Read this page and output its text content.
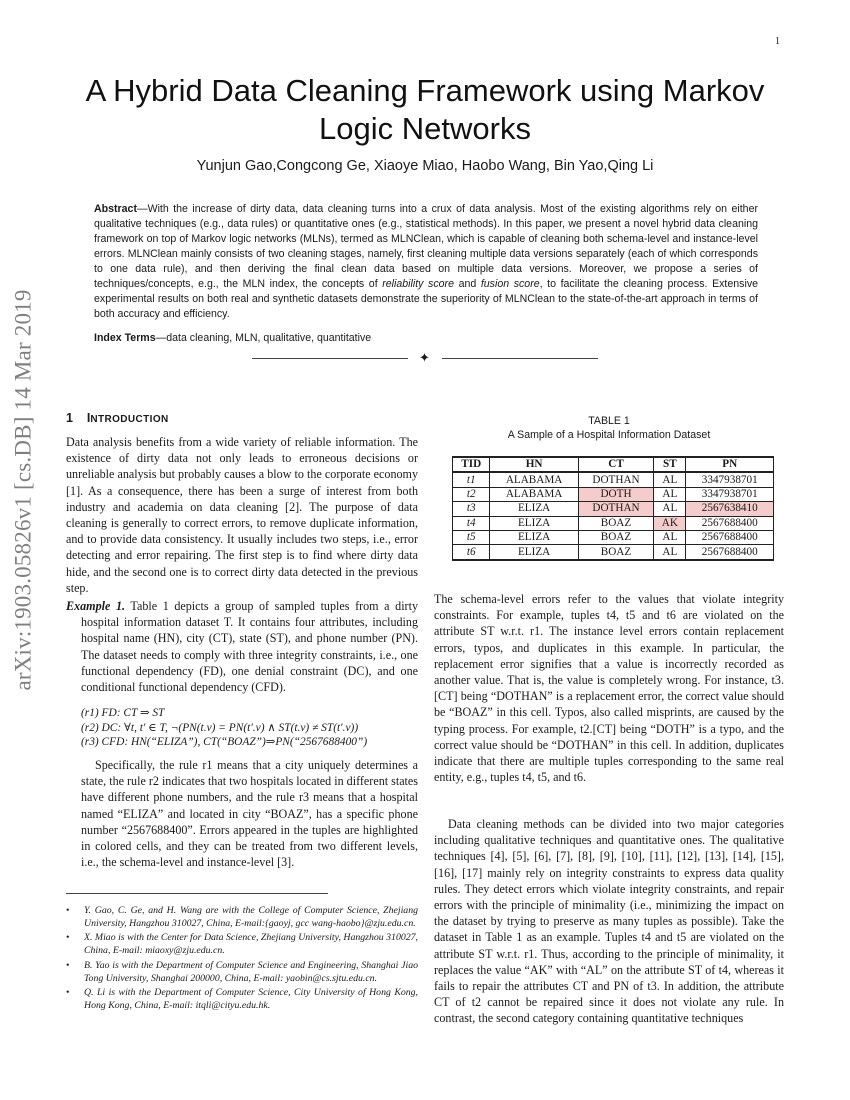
1
arXiv:1903.05826v1 [cs.DB] 14 Mar 2019
A Hybrid Data Cleaning Framework using Markov Logic Networks
Yunjun Gao,Congcong Ge, Xiaoye Miao, Haobo Wang, Bin Yao,Qing Li
Abstract—With the increase of dirty data, data cleaning turns into a crux of data analysis. Most of the existing algorithms rely on either qualitative techniques (e.g., data rules) or quantitative ones (e.g., statistical methods). In this paper, we present a novel hybrid data cleaning framework on top of Markov logic networks (MLNs), termed as MLNClean, which is capable of cleaning both schema-level and instance-level errors. MLNClean mainly consists of two cleaning stages, namely, first cleaning multiple data versions separately (each of which corresponds to one data rule), and then deriving the final clean data based on multiple data versions. Moreover, we propose a series of techniques/concepts, e.g., the MLN index, the concepts of reliability score and fusion score, to facilitate the cleaning process. Extensive experimental results on both real and synthetic datasets demonstrate the superiority of MLNClean to the state-of-the-art approach in terms of both accuracy and efficiency.
Index Terms—data cleaning, MLN, qualitative, quantitative
✦
1 INTRODUCTION
Data analysis benefits from a wide variety of reliable information. The existence of dirty data not only leads to erroneous decisions or unreliable analysis but probably causes a blow to the corporate economy [1]. As a consequence, there has been a surge of interest from both industry and academia on data cleaning [2]. The purpose of data cleaning is generally to correct errors, to remove duplicate information, and to provide data consistency. It usually includes two steps, i.e., error detecting and error repairing. The first step is to find where dirty data hide, and the second one is to correct dirty data detected in the previous step.
Example 1. Table 1 depicts a group of sampled tuples from a dirty hospital information dataset T. It contains four attributes, including hospital name (HN), city (CT), state (ST), and phone number (PN). The dataset needs to comply with three integrity constraints, i.e., one functional dependency (FD), one denial constraint (DC), and one conditional functional dependency (CFD).
(r1) FD: CT ⇒ ST
(r2) DC: ∀t, t′ ∈ T, ¬(PN(t.v) = PN(t′.v) ∧ ST(t.v) ≠ ST(t′.v))
(r3) CFD: HN(“ELIZA”), CT(“BOAZ”)⇒PN(“2567688400”)
Specifically, the rule r1 means that a city uniquely determines a state, the rule r2 indicates that two hospitals located in different states have different phone numbers, and the rule r3 means that a hospital named “ELIZA” and located in city “BOAZ”, has a specific phone number “2567688400”. Errors appeared in the tuples are highlighted in colored cells, and they can be treated from two different levels, i.e., the schema-level and instance-level [3].
• Y. Gao, C. Ge, and H. Wang are with the College of Computer Science, Zhejiang University, Hangzhou 310027, China, E-mail:{gaoyj, gcc wang-haobo}@zju.edu.cn.
• X. Miao is with the Center for Data Science, Zhejiang University, Hangzhou 310027, China, E-mail: miaoxy@zju.edu.cn.
• B. Yao is with the Department of Computer Science and Engineering, Shanghai Jiao Tong University, Shanghai 200000, China, E-mail: yaobin@cs.sjtu.edu.cn.
• Q. Li is with the Department of Computer Science, City University of Hong Kong, Hong Kong, China, E-mail: itqli@cityu.edu.hk.
TABLE 1
A Sample of a Hospital Information Dataset
TID	HN	CT	ST	PN
t1	ALABAMA	DOTHAN	AL	3347938701
t2	ALABAMA	DOTH	AL	3347938701
t3	ELIZA	DOTHAN	AL	2567638410
t4	ELIZA	BOAZ	AK	2567688400
t5	ELIZA	BOAZ	AL	2567688400
t6	ELIZA	BOAZ	AL	2567688400
The schema-level errors refer to the values that violate integrity constraints. For example, tuples t4, t5 and t6 are violated on the attribute ST w.r.t. r1. The instance level errors contain replacement errors, typos, and duplicates in this example. In particular, the replacement error signifies that a value is incorrectly recorded as another value. That is, the value is completely wrong. For instance, t3.[CT] being “DOTHAN” is a replacement error, the correct value should be “BOAZ” in this cell. Typos, also called misprints, are caused by the typing process. For example, t2.[CT] being “DOTH” is a typo, and the correct value should be “DOTHAN” in this cell. In addition, duplicates indicate that there are multiple tuples corresponding to the same real entity, e.g., tuples t4, t5, and t6.
Data cleaning methods can be divided into two major categories including qualitative techniques and quantitative ones. The qualitative techniques [4], [5], [6], [7], [8], [9], [10], [11], [12], [13], [14], [15], [16], [17] mainly rely on integrity constraints to express data quality rules. They detect errors which violate integrity constraints, and repair errors with the principle of minimality (i.e., minimizing the impact on the dataset by trying to preserve as many tuples as possible). Take the dataset in Table 1 as an example. Tuples t4 and t5 are violated on the attribute ST w.r.t. r1. Thus, according to the principle of minimality, it replaces the value “AK” with “AL” on the attribute ST of t4, whereas it fails to repair the attributes CT and PN of t3. In addition, the attribute CT of t2 cannot be repaired since it does not violate any rule. In contrast, the second category containing quantitative techniques
